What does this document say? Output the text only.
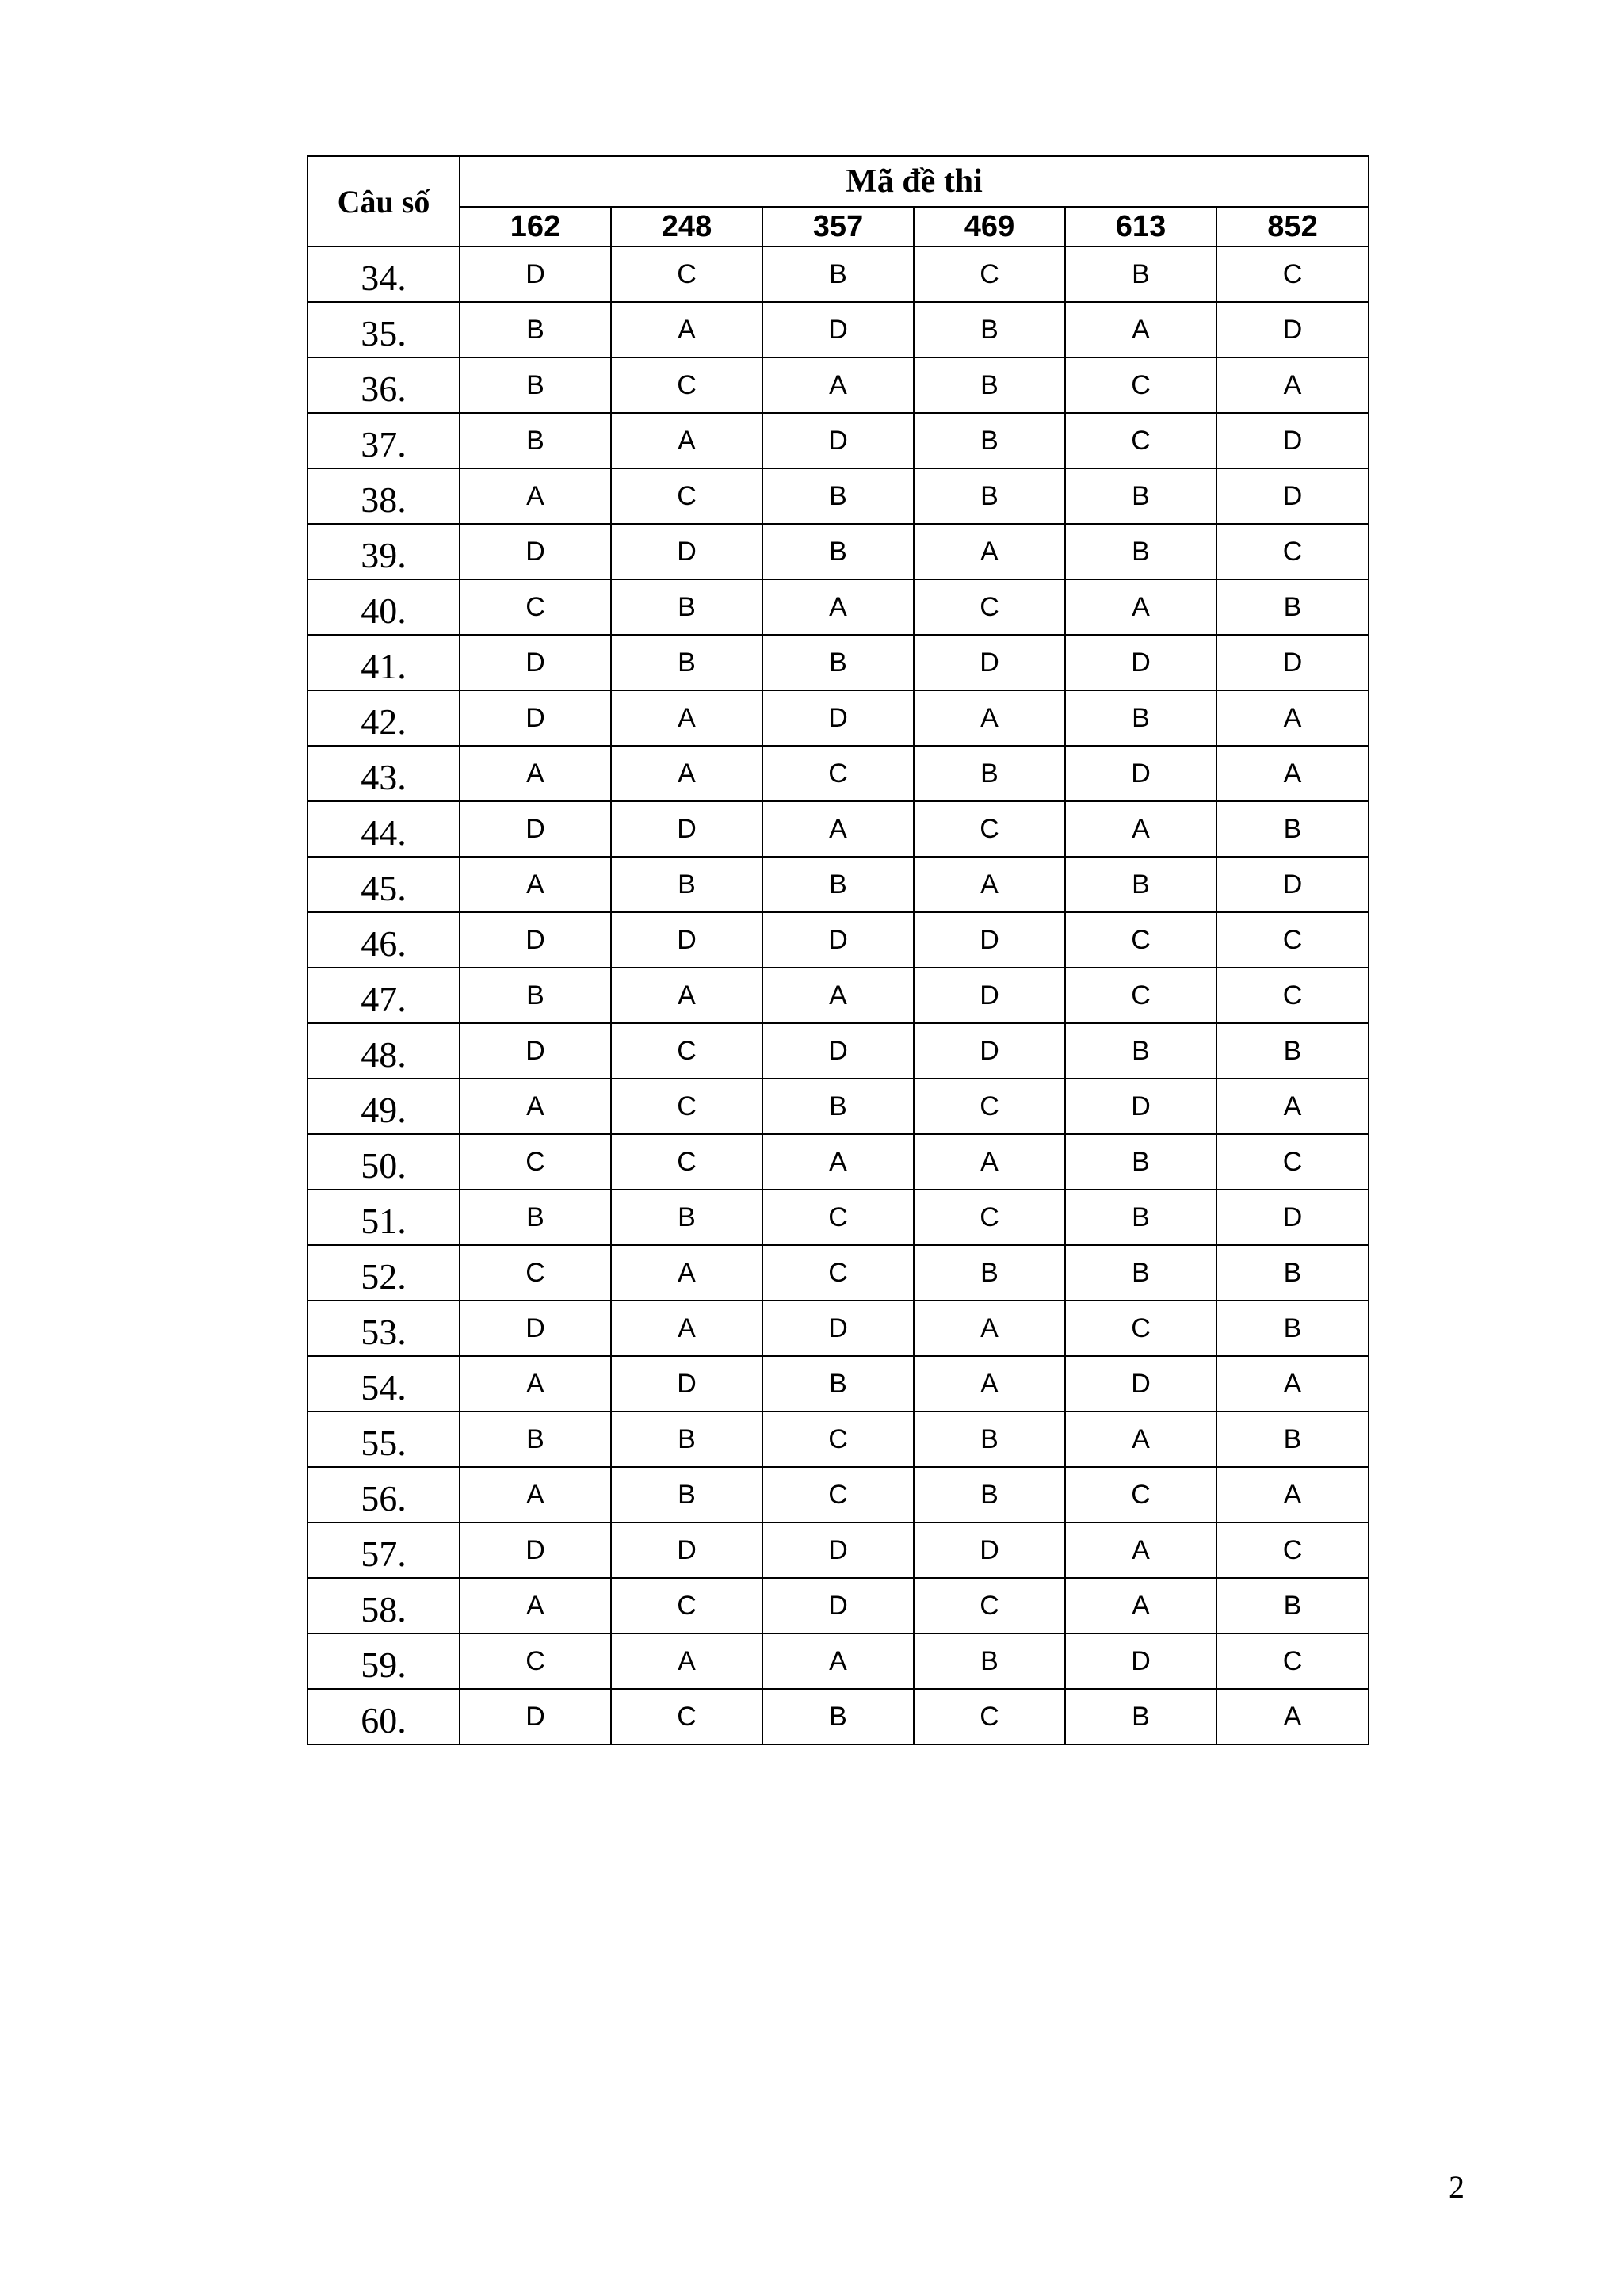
Câu số	Mã đề thi					
	162	248	357	469	613	852
34.	D	C	B	C	B	C
35.	B	A	D	B	A	D
36.	B	C	A	B	C	A
37.	B	A	D	B	C	D
38.	A	C	B	B	B	D
39.	D	D	B	A	B	C
40.	C	B	A	C	A	B
41.	D	B	B	D	D	D
42.	D	A	D	A	B	A
43.	A	A	C	B	D	A
44.	D	D	A	C	A	B
45.	A	B	B	A	B	D
46.	D	D	D	D	C	C
47.	B	A	A	D	C	C
48.	D	C	D	D	B	B
49.	A	C	B	C	D	A
50.	C	C	A	A	B	C
51.	B	B	C	C	B	D
52.	C	A	C	B	B	B
53.	D	A	D	A	C	B
54.	A	D	B	A	D	A
55.	B	B	C	B	A	B
56.	A	B	C	B	C	A
57.	D	D	D	D	A	C
58.	A	C	D	C	A	B
59.	C	A	A	B	D	C
60.	D	C	B	C	B	A
2
